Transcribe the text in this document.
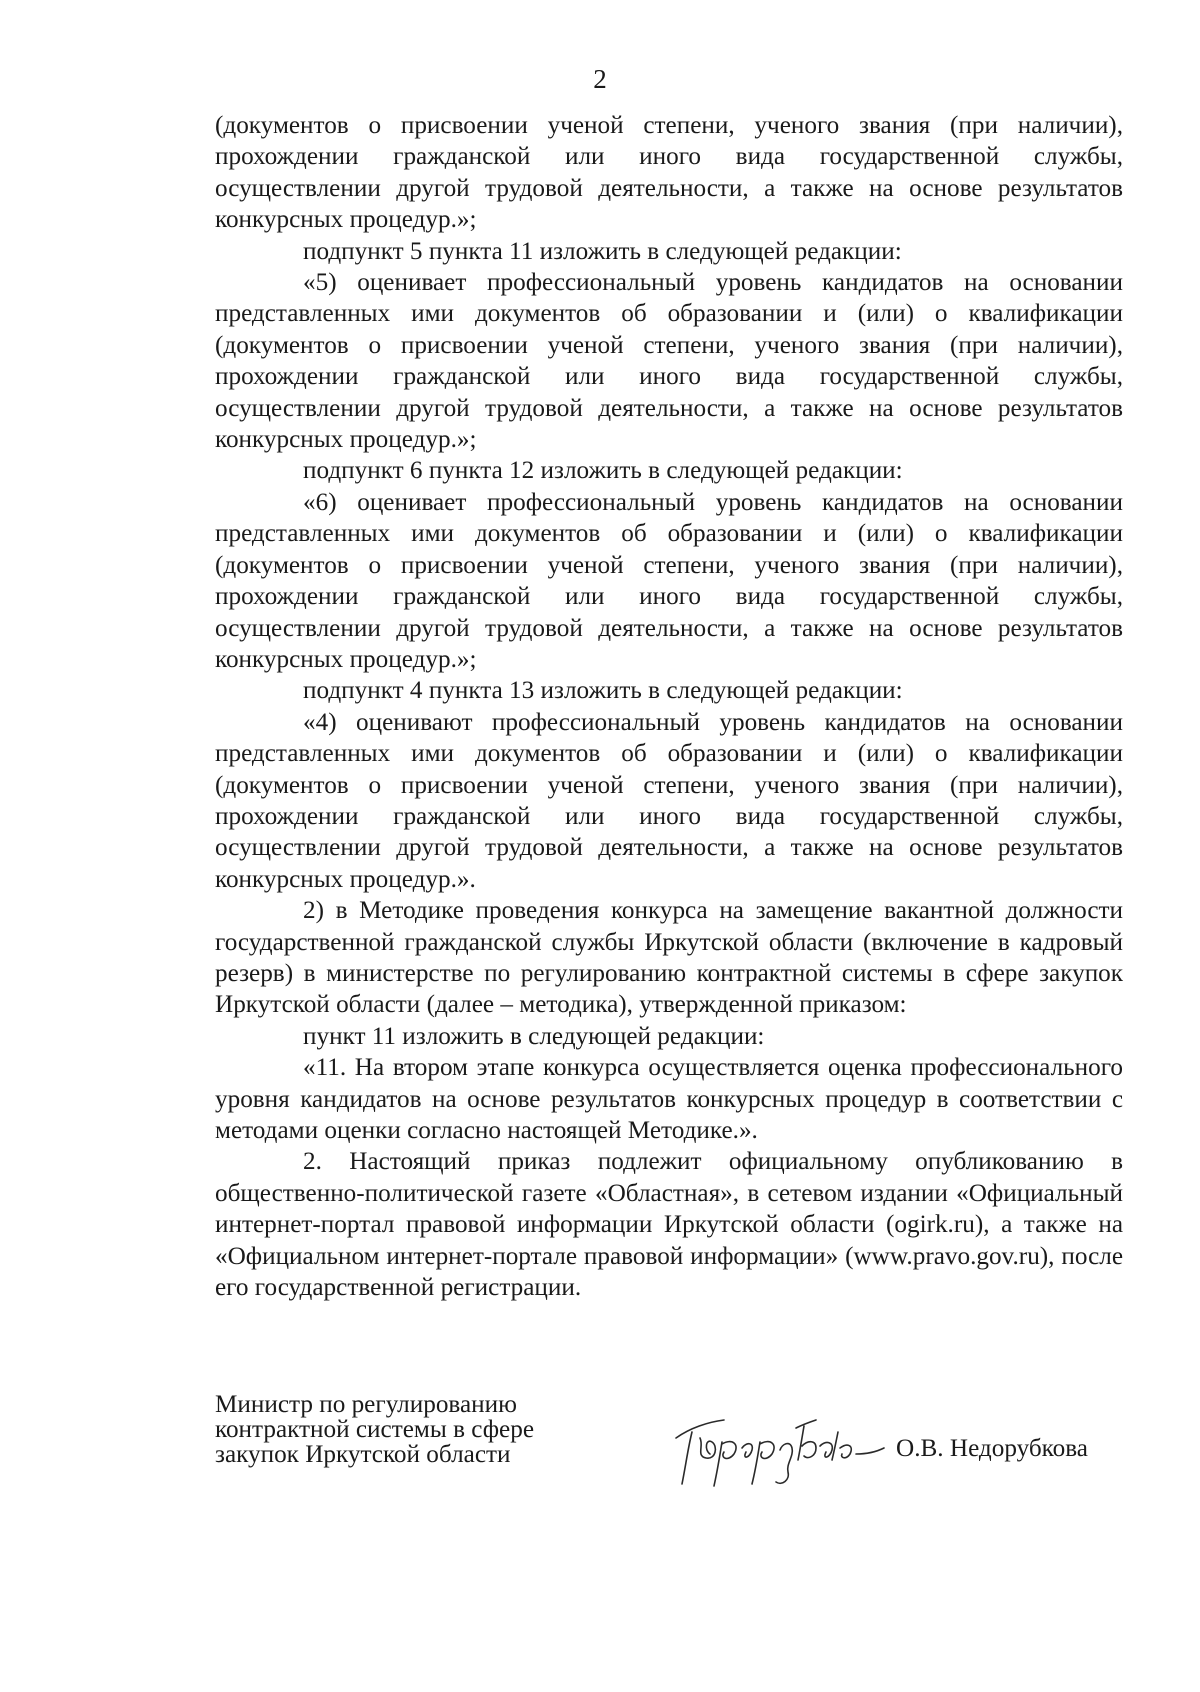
2

(документов о присвоении ученой степени, ученого звания (при наличии), прохождении гражданской или иного вида государственной службы, осуществлении другой трудовой деятельности, а также на основе результатов конкурсных процедур.»;

подпункт 5 пункта 11 изложить в следующей редакции:

«5) оценивает профессиональный уровень кандидатов на основании представленных ими документов об образовании и (или) о квалификации (документов о присвоении ученой степени, ученого звания (при наличии), прохождении гражданской или иного вида государственной службы, осуществлении другой трудовой деятельности, а также на основе результатов конкурсных процедур.»;

подпункт 6 пункта 12 изложить в следующей редакции:

«6) оценивает профессиональный уровень кандидатов на основании представленных ими документов об образовании и (или) о квалификации (документов о присвоении ученой степени, ученого звания (при наличии), прохождении гражданской или иного вида государственной службы, осуществлении другой трудовой деятельности, а также на основе результатов конкурсных процедур.»;

подпункт 4 пункта 13 изложить в следующей редакции:

«4) оценивают профессиональный уровень кандидатов на основании представленных ими документов об образовании и (или) о квалификации (документов о присвоении ученой степени, ученого звания (при наличии), прохождении гражданской или иного вида государственной службы, осуществлении другой трудовой деятельности, а также на основе результатов конкурсных процедур.».

2) в Методике проведения конкурса на замещение вакантной должности государственной гражданской службы Иркутской области (включение в кадровый резерв) в министерстве по регулированию контрактной системы в сфере закупок Иркутской области (далее – методика), утвержденной приказом:

пункт 11 изложить в следующей редакции:

«11. На втором этапе конкурса осуществляется оценка профессионального уровня кандидатов на основе результатов конкурсных процедур в соответствии с методами оценки согласно настоящей Методике.».

2. Настоящий приказ подлежит официальному опубликованию в общественно-политической газете «Областная», в сетевом издании «Официальный интернет-портал правовой информации Иркутской области (ogirk.ru), а также на «Официальном интернет-портале правовой информации» (www.pravo.gov.ru), после его государственной регистрации.

Министр по регулированию
контрактной системы в сфере
закупок Иркутской области	О.В. Недорубкова
